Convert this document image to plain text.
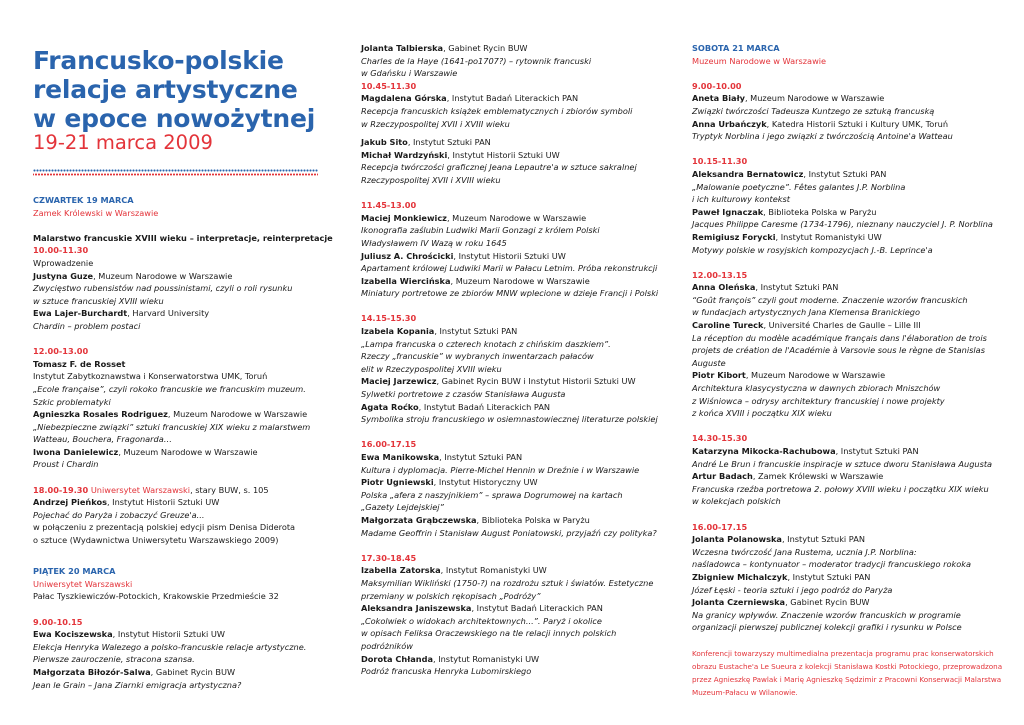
Francusko-polskie
relacje artystyczne
w epoce nowożytnej
19-21 marca 2009
CZWARTEK 19 MARCA
Zamek Królewski w Warszawie
Malarstwo francuskie XVIII wieku – interpretacje, reinterpretacje
10.00-11.30
Wprowadzenie
Justyna Guze, Muzeum Narodowe w Warszawie
Zwycięstwo rubensistów nad poussinistami, czyli o roli rysunku
w sztuce francuskiej XVIII wieku
Ewa Lajer-Burchardt, Harvard University
Chardin – problem postaci
12.00-13.00
Tomasz F. de Rosset
Instytut Zabytkoznawstwa i Konserwatorstwa UMK, Toruń
„Ecole française”, czyli rokoko francuskie we francuskim muzeum.
Szkic problematyki
Agnieszka Rosales Rodriguez, Muzeum Narodowe w Warszawie
„Niebezpieczne związki” sztuki francuskiej XIX wieku z malarstwem
Watteau, Bouchera, Fragonarda…
Iwona Danielewicz, Muzeum Narodowe w Warszawie
Proust i Chardin
18.00-19.30 Uniwersytet Warszawski, stary BUW, s. 105
Andrzej Pieńkos, Instytut Historii Sztuki UW
Pojechać do Paryża i zobaczyć Greuze'a...
w połączeniu z prezentacją polskiej edycji pism Denisa Diderota
o sztuce (Wydawnictwa Uniwersytetu Warszawskiego 2009)
PIĄTEK 20 MARCA
Uniwersytet Warszawski
Pałac Tyszkiewiczów-Potockich, Krakowskie Przedmieście 32
9.00-10.15
Ewa Kociszewska, Instytut Historii Sztuki UW
Elekcja Henryka Walezego a polsko-francuskie relacje artystyczne.
Pierwsze zauroczenie, stracona szansa.
Małgorzata Biłozór-Salwa, Gabinet Rycin BUW
Jean le Grain – Jana Ziarnki emigracja artystyczna?
Jolanta Talbierska, Gabinet Rycin BUW
Charles de la Haye (1641-po1707?) – rytownik francuski
w Gdańsku i Warszawie
10.45-11.30
Magdalena Górska, Instytut Badań Literackich PAN
Recepcja francuskich książek emblematycznych i zbiorów symboli
w Rzeczypospolitej XVII i XVIII wieku
Jakub Sito, Instytut Sztuki PAN
Michał Wardzyński, Instytut Historii Sztuki UW
Recepcja twórczości graficznej Jeana Lepautre'a w sztuce sakralnej
Rzeczypospolitej XVII i XVIII wieku
11.45-13.00
Maciej Monkiewicz, Muzeum Narodowe w Warszawie
Ikonografia zaślubin Ludwiki Marii Gonzagi z królem Polski
Władysławem IV Wazą w roku 1645
Juliusz A. Chrościcki, Instytut Historii Sztuki UW
Apartament królowej Ludwiki Marii w Pałacu Letnim. Próba rekonstrukcji
Izabella Wiercińska, Muzeum Narodowe w Warszawie
Miniatury portretowe ze zbiorów MNW wplecione w dzieje Francji i Polski
14.15-15.30
Izabela Kopania, Instytut Sztuki PAN
„Lampa francuska o czterech knotach z chińskim daszkiem”.
Rzeczy „francuskie” w wybranych inwentarzach pałaców
elit w Rzeczypospolitej XVIII wieku
Maciej Jarzewicz, Gabinet Rycin BUW i Instytut Historii Sztuki UW
Sylwetki portretowe z czasów Stanisława Augusta
Agata Roćko, Instytut Badań Literackich PAN
Symbolika stroju francuskiego w osiemnastowiecznej literaturze polskiej
16.00-17.15
Ewa Manikowska, Instytut Sztuki PAN
Kultura i dyplomacja. Pierre-Michel Hennin w Dreźnie i w Warszawie
Piotr Ugniewski, Instytut Historyczny UW
Polska „afera z naszyjnikiem” – sprawa Dogrumowej na kartach
„Gazety Lejdejskiej”
Małgorzata Grąbczewska, Biblioteka Polska w Paryżu
Madame Geoffrin i Stanisław August Poniatowski, przyjaźń czy polityka?
17.30-18.45
Izabella Zatorska, Instytut Romanistyki UW
Maksymilian Wikliński (1750-?) na rozdrożu sztuk i światów. Estetyczne
przemiany w polskich rękopisach „Podróży”
Aleksandra Janiszewska, Instytut Badań Literackich PAN
„Cokolwiek o widokach architektownych...”. Paryż i okolice
w opisach Feliksa Oraczewskiego na tle relacji innych polskich
podróżników
Dorota Chłanda, Instytut Romanistyki UW
Podróż francuska Henryka Lubomirskiego
SOBOTA 21 MARCA
Muzeum Narodowe w Warszawie
9.00-10.00
Aneta Biały, Muzeum Narodowe w Warszawie
Związki twórczości Tadeusza Kuntzego ze sztuką francuską
Anna Urbańczyk, Katedra Historii Sztuki i Kultury UMK, Toruń
Tryptyk Norblina i jego związki z twórczością Antoine'a Watteau
10.15-11.30
Aleksandra Bernatowicz, Instytut Sztuki PAN
„Malowanie poetyczne”. Fêtes galantes J.P. Norblina
i ich kulturowy kontekst
Paweł Ignaczak, Biblioteka Polska w Paryżu
Jacques Philippe Caresme (1734-1796), nieznany nauczyciel J. P. Norblina
Remigiusz Forycki, Instytut Romanistyki UW
Motywy polskie w rosyjskich kompozycjach J.-B. Leprince'a
12.00-13.15
Anna Oleńska, Instytut Sztuki PAN
“Goût françois” czyli gout moderne. Znaczenie wzorów francuskich
w fundacjach artystycznych Jana Klemensa Branickiego
Caroline Tureck, Université Charles de Gaulle – Lille III
La réception du modèle académique français dans l'élaboration de trois
projets de création de l'Académie à Varsovie sous le règne de Stanislas
Auguste
Piotr Kibort, Muzeum Narodowe w Warszawie
Architektura klasycystyczna w dawnych zbiorach Mniszchów
z Wiśniowca – odrysy architektury francuskiej i nowe projekty
z końca XVIII i początku XIX wieku
14.30-15.30
Katarzyna Mikocka-Rachubowa, Instytut Sztuki PAN
André Le Brun i francuskie inspiracje w sztuce dworu Stanisława Augusta
Artur Badach, Zamek Królewski w Warszawie
Francuska rzeźba portretowa 2. połowy XVIII wieku i początku XIX wieku
w kolekcjach polskich
16.00-17.15
Jolanta Polanowska, Instytut Sztuki PAN
Wczesna twórczość Jana Rustema, ucznia J.P. Norblina:
naśladowca – kontynuator – moderator tradycji francuskiego rokoka
Zbigniew Michalczyk, Instytut Sztuki PAN
Józef Łęski - teoria sztuki i jego podróż do Paryża
Jolanta Czerniewska, Gabinet Rycin BUW
Na granicy wpływów. Znaczenie wzorów francuskich w programie
organizacji pierwszej publicznej kolekcji grafiki i rysunku w Polsce
Konferencji towarzyszy multimedialna prezentacja programu prac konserwatorskich
obrazu Eustache'a Le Sueura z kolekcji Stanisława Kostki Potockiego, przeprowadzona
przez Agnieszkę Pawlak i Marię Agnieszkę Sędzimir z Pracowni Konserwacji Malarstwa
Muzeum-Pałacu w Wilanowie.
